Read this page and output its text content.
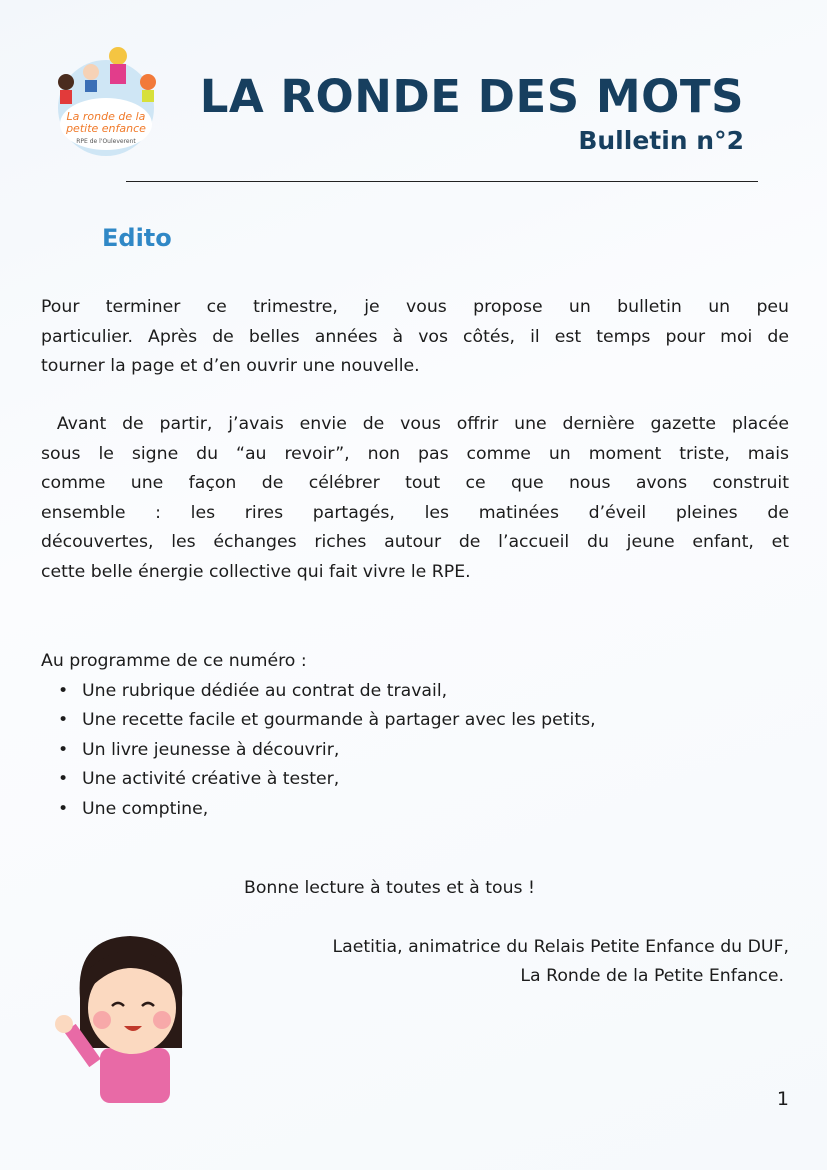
La ronde de la
petite enfance
RPE de l'Ouleverent
LA RONDE DES MOTS
Bulletin n°2
Edito
Pour terminer ce trimestre, je vous propose un bulletin un peu
particulier. Après de belles années à vos côtés, il est temps pour moi de
tourner la page et d’en ouvrir une nouvelle.
Avant de partir, j’avais envie de vous offrir une dernière gazette placée
sous le signe du “au revoir”, non pas comme un moment triste, mais
comme une façon de célébrer tout ce que nous avons construit
ensemble : les rires partagés, les matinées d’éveil pleines de
découvertes, les échanges riches autour de l’accueil du jeune enfant, et
cette belle énergie collective qui fait vivre le RPE.
Au programme de ce numéro :
• Une rubrique dédiée au contrat de travail,
• Une recette facile et gourmande à partager avec les petits,
• Un livre jeunesse à découvrir,
• Une activité créative à tester,
• Une comptine,
Bonne lecture à toutes et à tous !
Laetitia, animatrice du Relais Petite Enfance du DUF,
La Ronde de la Petite Enfance.
1
